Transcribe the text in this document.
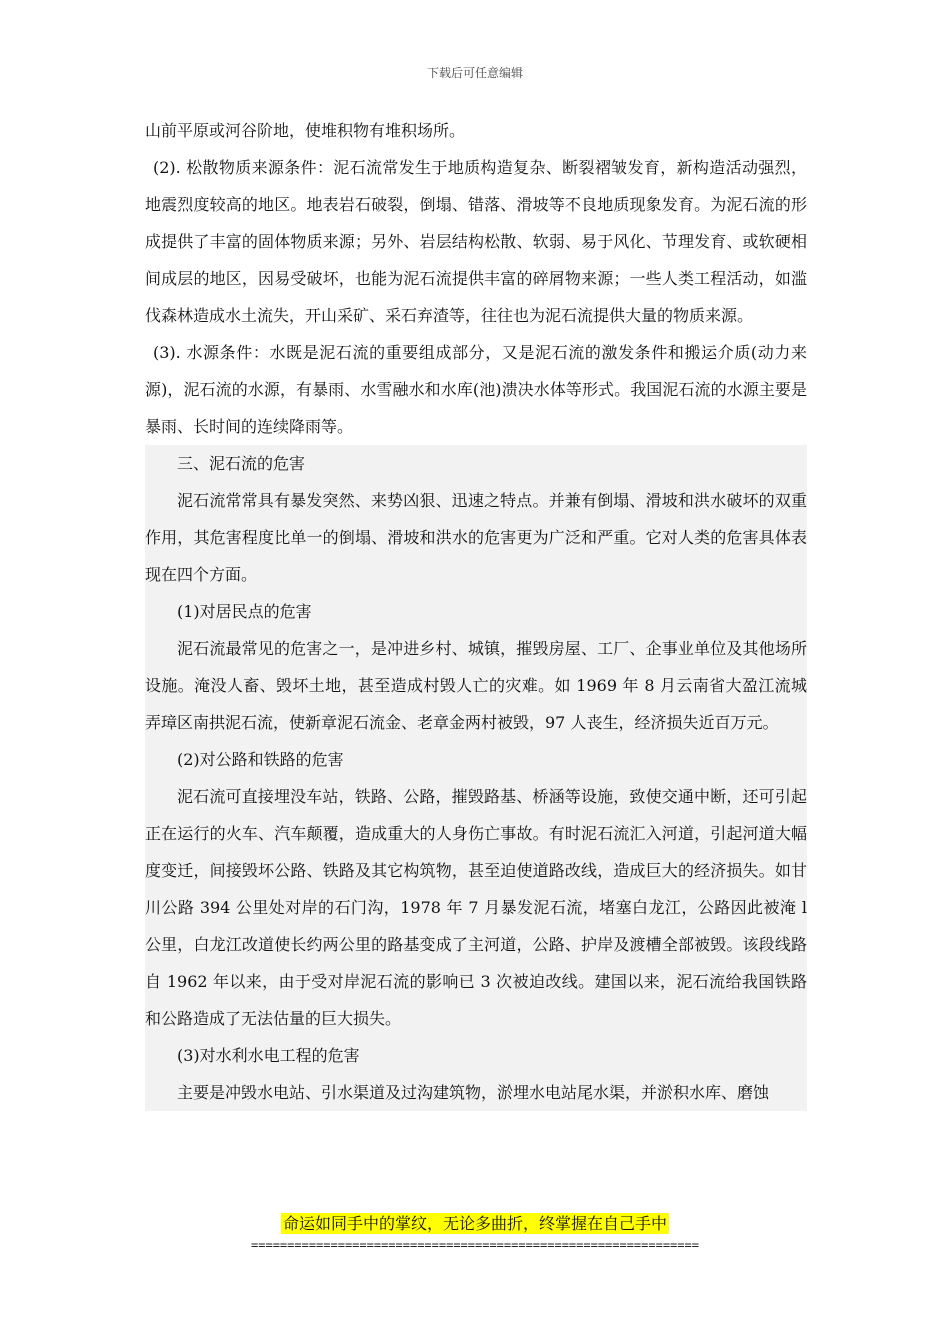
下载后可任意编辑

山前平原或河谷阶地，使堆积物有堆积场所。

(2). 松散物质来源条件：泥石流常发生于地质构造复杂、断裂褶皱发育，新构造活动强烈，地震烈度较高的地区。地表岩石破裂，倒塌、错落、滑坡等不良地质现象发育。为泥石流的形成提供了丰富的固体物质来源；另外、岩层结构松散、软弱、易于风化、节理发育、或软硬相间成层的地区，因易受破坏，也能为泥石流提供丰富的碎屑物来源；一些人类工程活动，如滥伐森林造成水土流失，开山采矿、采石弃渣等，往往也为泥石流提供大量的物质来源。

(3). 水源条件：水既是泥石流的重要组成部分，又是泥石流的激发条件和搬运介质(动力来源)，泥石流的水源，有暴雨、水雪融水和水库(池)溃决水体等形式。我国泥石流的水源主要是暴雨、长时间的连续降雨等。

三、泥石流的危害

泥石流常常具有暴发突然、来势凶狠、迅速之特点。并兼有倒塌、滑坡和洪水破坏的双重作用，其危害程度比单一的倒塌、滑坡和洪水的危害更为广泛和严重。它对人类的危害具体表现在四个方面。

(1)对居民点的危害

泥石流最常见的危害之一，是冲进乡村、城镇，摧毁房屋、工厂、企事业单位及其他场所设施。淹没人畜、毁坏土地，甚至造成村毁人亡的灾难。如 1969 年 8 月云南省大盈江流城弄璋区南拱泥石流，使新章泥石流金、老章金两村被毁，97 人丧生，经济损失近百万元。

(2)对公路和铁路的危害

泥石流可直接埋没车站，铁路、公路，摧毁路基、桥涵等设施，致使交通中断，还可引起正在运行的火车、汽车颠覆，造成重大的人身伤亡事故。有时泥石流汇入河道，引起河道大幅度变迁，间接毁坏公路、铁路及其它构筑物，甚至迫使道路改线，造成巨大的经济损失。如甘川公路 394 公里处对岸的石门沟，1978 年 7 月暴发泥石流，堵塞白龙江，公路因此被淹 l 公里，白龙江改道使长约两公里的路基变成了主河道，公路、护岸及渡槽全部被毁。该段线路自 1962 年以来，由于受对岸泥石流的影响已 3 次被迫改线。建国以来，泥石流给我国铁路和公路造成了无法估量的巨大损失。

(3)对水利水电工程的危害

主要是冲毁水电站、引水渠道及过沟建筑物，淤埋水电站尾水渠，并淤积水库、磨蚀

命运如同手中的掌纹，无论多曲折，终掌握在自己手中
==============================================================
